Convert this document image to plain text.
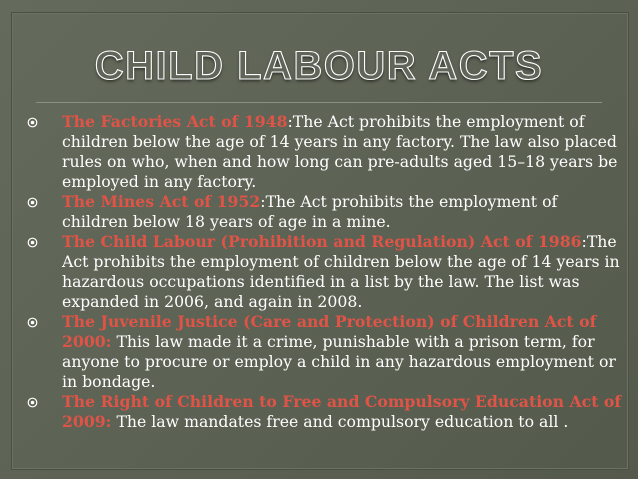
CHILD LABOUR ACTS
The Factories Act of 1948:The Act prohibits the employment of children below the age of 14 years in any factory. The law also placed rules on who, when and how long can pre-adults aged 15–18 years be employed in any factory.
The Mines Act of 1952:The Act prohibits the employment of children below 18 years of age in a mine.
The Child Labour (Prohibition and Regulation) Act of 1986:The Act prohibits the employment of children below the age of 14 years in hazardous occupations identified in a list by the law. The list was expanded in 2006, and again in 2008.
The Juvenile Justice (Care and Protection) of Children Act of 2000: This law made it a crime, punishable with a prison term, for anyone to procure or employ a child in any hazardous employment or in bondage.
The Right of Children to Free and Compulsory Education Act of 2009: The law mandates free and compulsory education to all .
